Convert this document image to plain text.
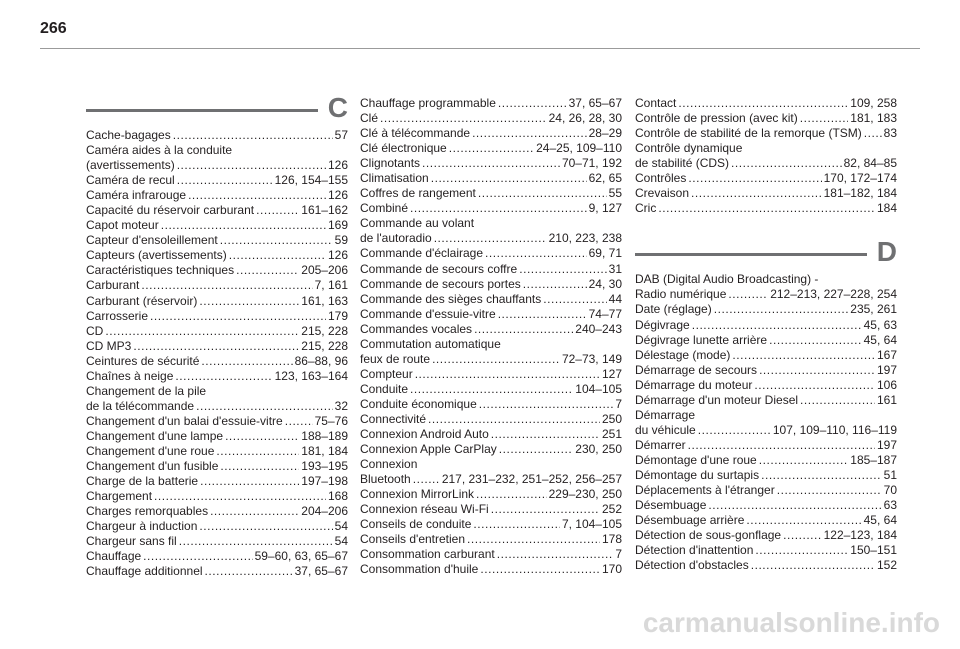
266
C
Cache-bagages . . .	57
Caméra aides à la conduite
(avertissements) . . .	126
Caméra de recul . . .	126, 154–155
Caméra infrarouge . . .	126
Capacité du réservoir carburant . . .	161–162
Capot moteur . . .	169
Capteur d'ensoleillement . . .	59
Capteurs (avertissements) . . .	126
Caractéristiques techniques . . .	205–206
Carburant . . .	7, 161
Carburant (réservoir) . . .	161, 163
Carrosserie . . .	179
CD . . .	215, 228
CD MP3 . . .	215, 228
Ceintures de sécurité . . .	86–88, 96
Chaînes à neige . . .	123, 163–164
Changement de la pile
de la télécommande . . .	32
Changement d'un balai d'essuie-vitre . . .	75–76
Changement d'une lampe . . .	188–189
Changement d'une roue . . .	181, 184
Changement d'un fusible . . .	193–195
Charge de la batterie . . .	197–198
Chargement . . .	168
Charges remorquables . . .	204–206
Chargeur à induction . . .	54
Chargeur sans fil . . .	54
Chauffage . . .	59–60, 63, 65–67
Chauffage additionnel . . .	37, 65–67
Chauffage programmable . . .	37, 65–67
Clé . . .	24, 26, 28, 30
Clé à télécommande . . .	28–29
Clé électronique . . .	24–25, 109–110
Clignotants . . .	70–71, 192
Climatisation . . .	62, 65
Coffres de rangement . . .	55
Combiné . . .	9, 127
Commande au volant
de l'autoradio . . .	210, 223, 238
Commande d'éclairage . . .	69, 71
Commande de secours coffre . . .	31
Commande de secours portes . . .	24, 30
Commande des sièges chauffants . . .	44
Commande d'essuie-vitre . . .	74–77
Commandes vocales . . .	240–243
Commutation automatique
feux de route . . .	72–73, 149
Compteur . . .	127
Conduite . . .	104–105
Conduite économique . . .	7
Connectivité . . .	250
Connexion Android Auto . . .	251
Connexion Apple CarPlay . . .	230, 250
Connexion
Bluetooth . . .	217, 231–232, 251–252, 256–257
Connexion MirrorLink . . .	229–230, 250
Connexion réseau Wi-Fi . . .	252
Conseils de conduite . . .	7, 104–105
Conseils d'entretien . . .	178
Consommation carburant . . .	7
Consommation d'huile . . .	170
Contact . . .	109, 258
Contrôle de pression (avec kit) . . .	181, 183
Contrôle de stabilité de la remorque (TSM) . . . 83
Contrôle dynamique
de stabilité (CDS) . . .	82, 84–85
Contrôles . . .	170, 172–174
Crevaison . . .	181–182, 184
Cric . . .	184
D
DAB (Digital Audio Broadcasting) -
Radio numérique . . .	212–213, 227–228, 254
Date (réglage) . . .	235, 261
Dégivrage . . .	45, 63
Dégivrage lunette arrière . . .	45, 64
Délestage (mode) . . .	167
Démarrage de secours . . .	197
Démarrage du moteur . . .	106
Démarrage d'un moteur Diesel . . .	161
Démarrage
du véhicule . . .	107, 109–110, 116–119
Démarrer . . .	197
Démontage d'une roue . . .	185–187
Démontage du surtapis . . .	51
Déplacements à l'étranger . . .	70
Désembuage . . .	63
Désembuage arrière . . .	45, 64
Détection de sous-gonflage . . .	122–123, 184
Détection d'inattention . . .	150–151
Détection d'obstacles . . .	152
carmanualsonline.info
